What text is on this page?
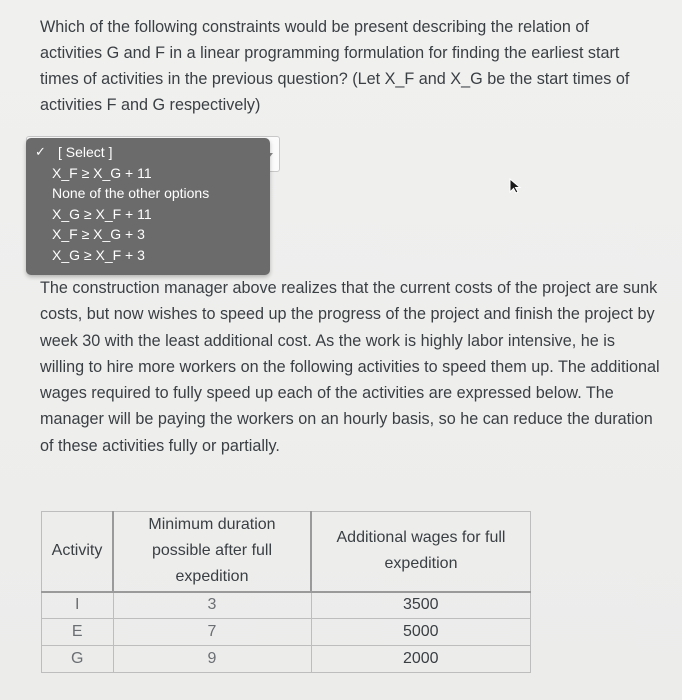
Which of the following constraints would be present describing the relation of activities G and F in a linear programming formulation for finding the earliest start times of activities in the previous question? (Let X_F and X_G be the start times of activities F and G respectively)

✓ [ Select ]
X_F ≥ X_G + 11
None of the other options
X_G ≥ X_F + 11
X_F ≥ X_G + 3
X_G ≥ X_F + 3

The construction manager above realizes that the current costs of the project are sunk costs, but now wishes to speed up the progress of the project and finish the project by week 30 with the least additional cost. As the work is highly labor intensive, he is willing to hire more workers on the following activities to speed them up. The additional wages required to fully speed up each of the activities are expressed below. The manager will be paying the workers on an hourly basis, so he can reduce the duration of these activities fully or partially.

Activity	Minimum duration possible after full expedition	Additional wages for full expedition

I	3	3500
E	7	5000
G	9	2000
